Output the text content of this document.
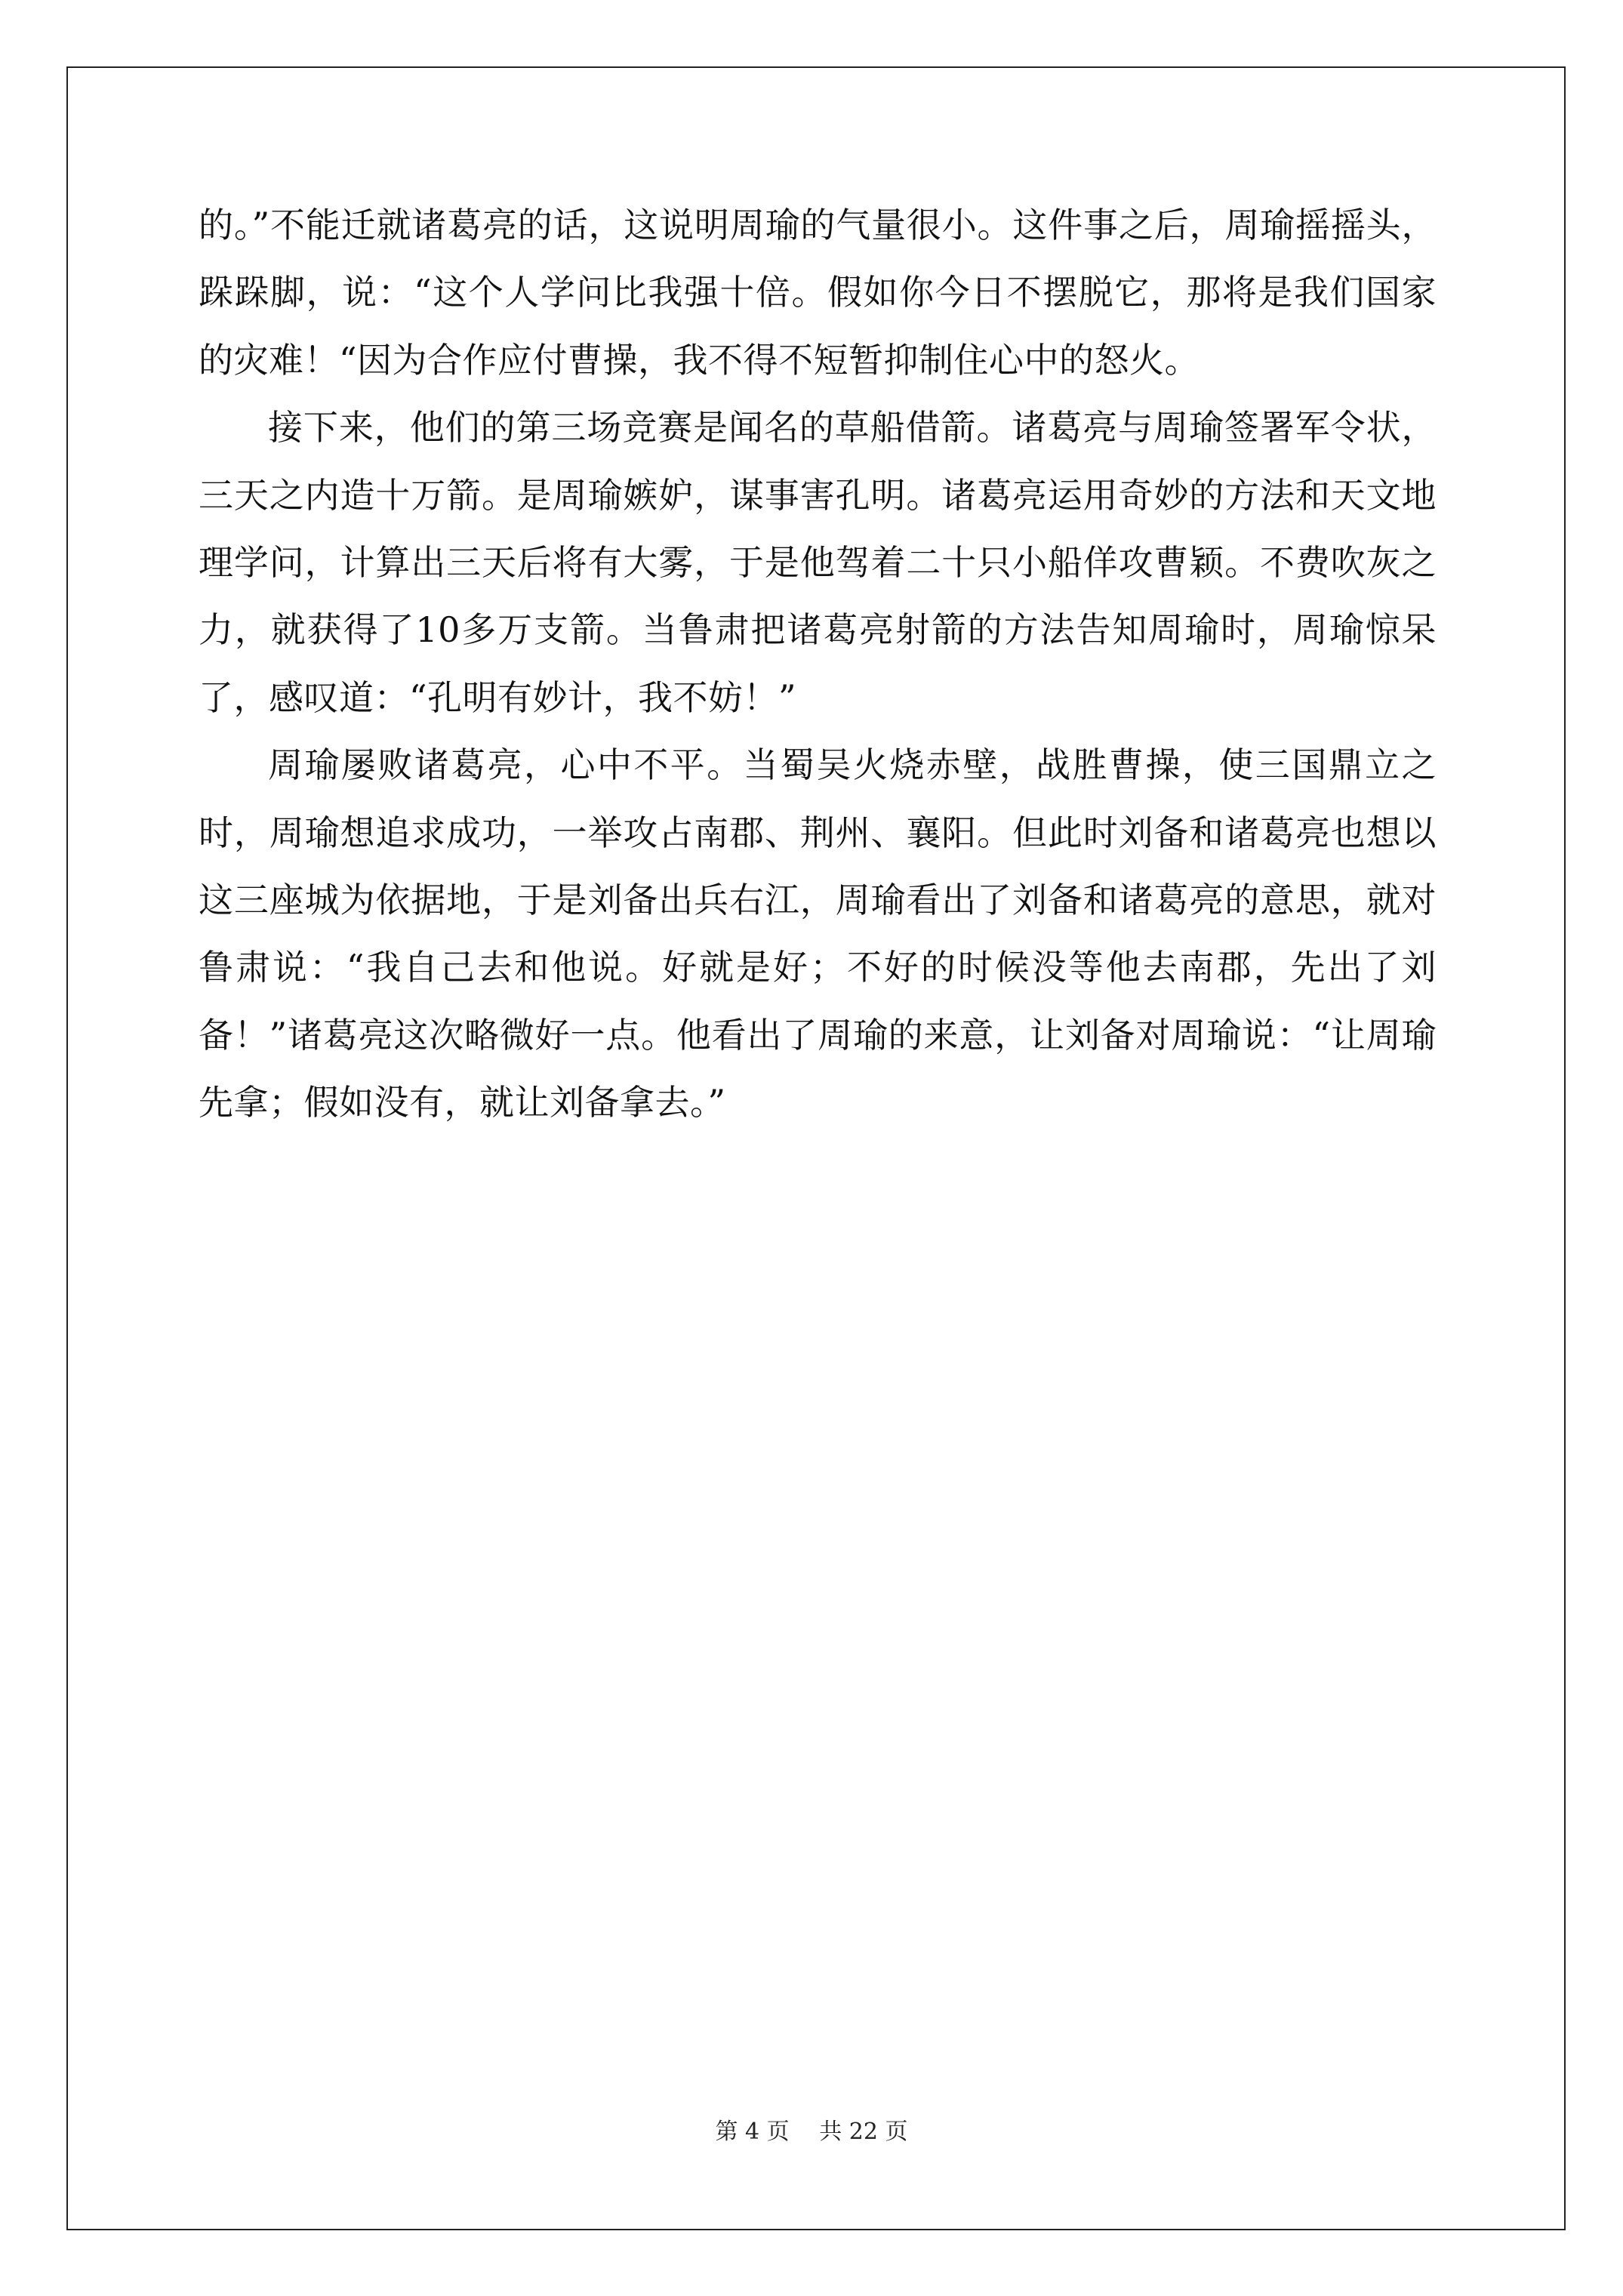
的。”不能迁就诸葛亮的话，这说明周瑜的气量很小。这件事之后，周瑜摇摇头，跺跺脚，说：“这个人学问比我强十倍。假如你今日不摆脱它，那将是我们国家的灾难！“因为合作应付曹操，我不得不短暂抑制住心中的怒火。

接下来，他们的第三场竞赛是闻名的草船借箭。诸葛亮与周瑜签署军令状，三天之内造十万箭。是周瑜嫉妒，谋事害孔明。诸葛亮运用奇妙的方法和天文地理学问，计算出三天后将有大雾，于是他驾着二十只小船佯攻曹颖。不费吹灰之力，就获得了10多万支箭。当鲁肃把诸葛亮射箭的方法告知周瑜时，周瑜惊呆了，感叹道：“孔明有妙计，我不妨！”

周瑜屡败诸葛亮，心中不平。当蜀吴火烧赤壁，战胜曹操，使三国鼎立之时，周瑜想追求成功，一举攻占南郡、荆州、襄阳。但此时刘备和诸葛亮也想以这三座城为依据地，于是刘备出兵右江，周瑜看出了刘备和诸葛亮的意思，就对鲁肃说：“我自己去和他说。好就是好；不好的时候没等他去南郡，先出了刘备！”诸葛亮这次略微好一点。他看出了周瑜的来意，让刘备对周瑜说：“让周瑜先拿；假如没有，就让刘备拿去。”

第 4 页　 共 22 页
